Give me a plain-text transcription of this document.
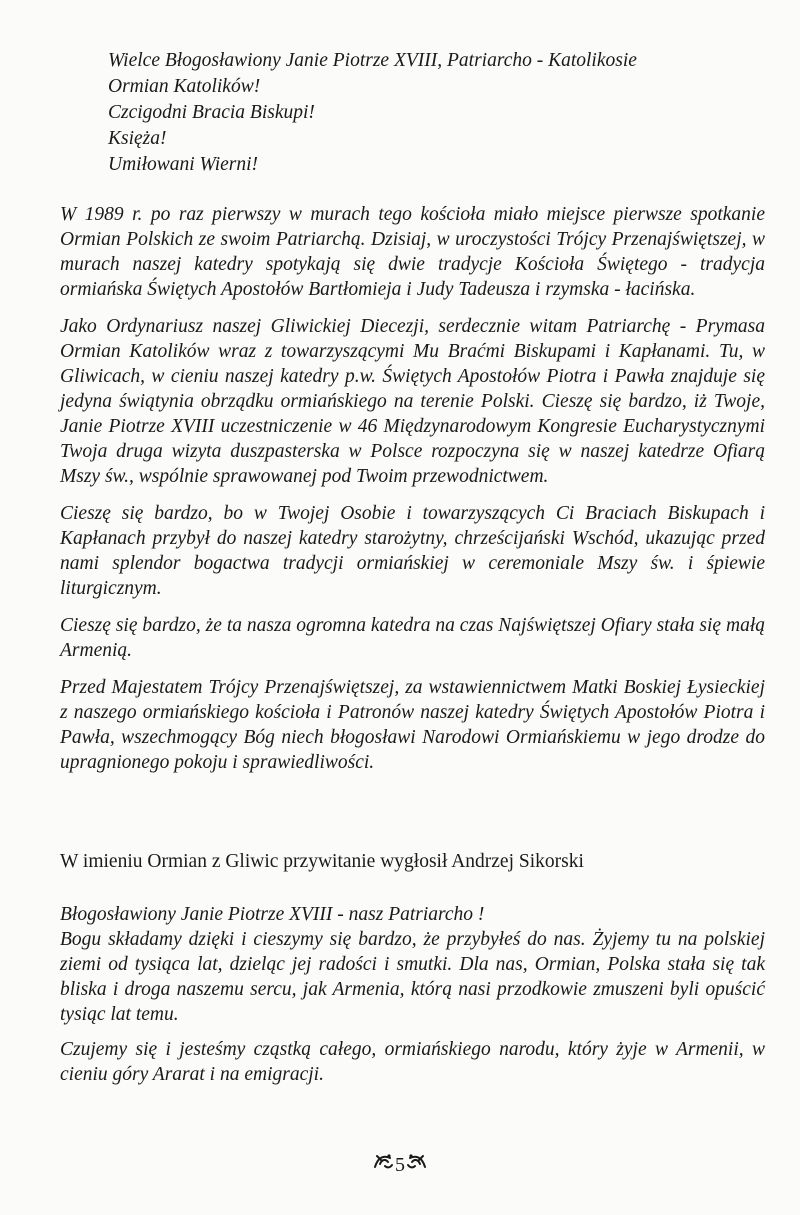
Wielce Błogosławiony Janie Piotrze XVIII, Patriarcho - Katolikosie
Ormian Katolików!
Czcigodni Bracia Biskupi!
Księża!
Umiłowani Wierni!

W 1989 r. po raz pierwszy w murach tego kościoła miało miejsce pierwsze spotkanie Ormian Polskich ze swoim Patriarchą. Dzisiaj, w uroczystości Trójcy Przenajświętszej, w murach naszej katedry spotykają się dwie tradycje Kościoła Świętego - tradycja ormiańska Świętych Apostołów Bartłomieja i Judy Tadeusza i rzymska - łacińska.

Jako Ordynariusz naszej Gliwickiej Diecezji, serdecznie witam Patriarchę - Prymasa Ormian Katolików wraz z towarzyszącymi Mu Braćmi Biskupami i Kapłanami. Tu, w Gliwicach, w cieniu naszej katedry p.w. Świętych Apostołów Piotra i Pawła znajduje się jedyna świątynia obrządku ormiańskiego na terenie Polski. Cieszę się bardzo, iż Twoje, Janie Piotrze XVIII uczestniczenie w 46 Międzynarodowym Kongresie Eucharystycznymi Twoja druga wizyta duszpasterska w Polsce rozpoczyna się w naszej katedrze Ofiarą Mszy św., wspólnie sprawowanej pod Twoim przewodnictwem.

Cieszę się bardzo, bo w Twojej Osobie i towarzyszących Ci Braciach Biskupach i Kapłanach przybył do naszej katedry starożytny, chrześcijański Wschód, ukazując przed nami splendor bogactwa tradycji ormiańskiej w ceremoniale Mszy św. i śpiewie liturgicznym.

Cieszę się bardzo, że ta nasza ogromna katedra na czas Najświętszej Ofiary stała się małą Armenią.

Przed Majestatem Trójcy Przenajświętszej, za wstawiennictwem Matki Boskiej Łysieckiej z naszego ormiańskiego kościoła i Patronów naszej katedry Świętych Apostołów Piotra i Pawła, wszechmogący Bóg niech błogosławi Narodowi Ormiańskiemu w jego drodze do upragnionego pokoju i sprawiedliwości.

W imieniu Ormian z Gliwic przywitanie wygłosił Andrzej Sikorski

Błogosławiony Janie Piotrze XVIII - nasz Patriarcho !

Bogu składamy dzięki i cieszymy się bardzo, że przybyłeś do nas. Żyjemy tu na polskiej ziemi od tysiąca lat, dzieląc jej radości i smutki. Dla nas, Ormian, Polska stała się tak bliska i droga naszemu sercu, jak Armenia, którą nasi przodkowie zmuszeni byli opuścić tysiąc lat temu.

Czujemy się i jesteśmy cząstką całego, ormiańskiego narodu, który żyje w Armenii, w cieniu góry Ararat i na emigracji.

5
